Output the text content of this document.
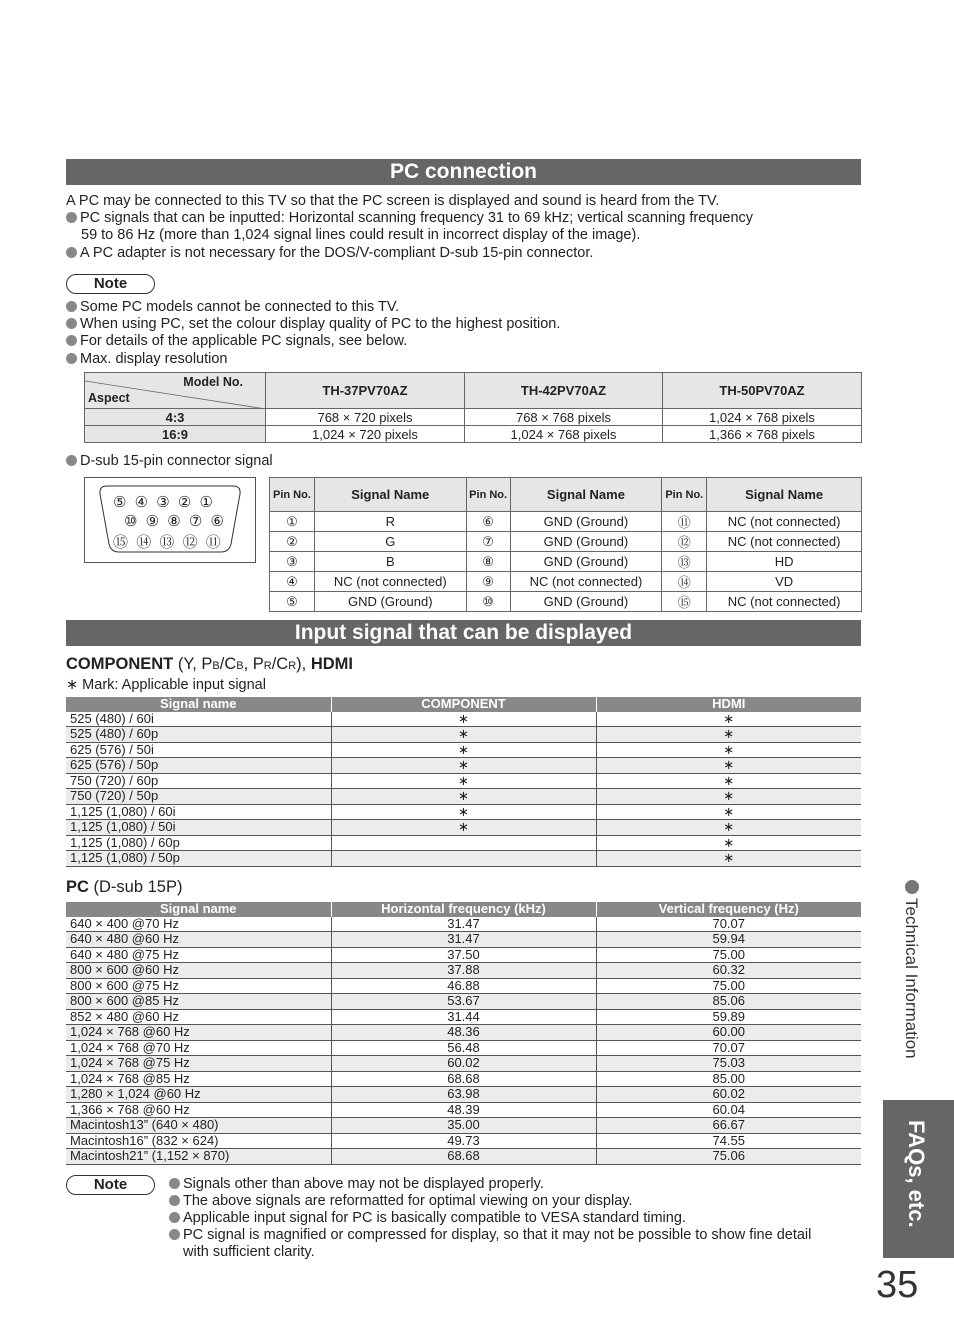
PC connection
A PC may be connected to this TV so that the PC screen is displayed and sound is heard from the TV.
PC signals that can be inputted: Horizontal scanning frequency 31 to 69 kHz; vertical scanning frequency
59 to 86 Hz (more than 1,024 signal lines could result in incorrect display of the image).
A PC adapter is not necessary for the DOS/V-compliant D-sub 15-pin connector.
Note
Some PC models cannot be connected to this TV.
When using PC, set the colour display quality of PC to the highest position.
For details of the applicable PC signals, see below.
Max. display resolution
Model No.
Aspect	TH-37PV70AZ	TH-42PV70AZ	TH-50PV70AZ
4:3	768 × 720 pixels	768 × 768 pixels	1,024 × 768 pixels
16:9	1,024 × 720 pixels	1,024 × 768 pixels	1,366 × 768 pixels
D-sub 15-pin connector signal
⑤ ④ ③ ② ①
⑩ ⑨ ⑧ ⑦ ⑥
⑮ ⑭ ⑬ ⑫ ⑪
Pin No.	Signal Name	Pin No.	Signal Name	Pin No.	Signal Name
①	R	⑥	GND (Ground)	⑪	NC (not connected)
②	G	⑦	GND (Ground)	⑫	NC (not connected)
③	B	⑧	GND (Ground)	⑬	HD
④	NC (not connected)	⑨	NC (not connected)	⑭	VD
⑤	GND (Ground)	⑩	GND (Ground)	⑮	NC (not connected)
Input signal that can be displayed
COMPONENT (Y, PB/CB, PR/CR), HDMI
∗ Mark: Applicable input signal
Signal name	COMPONENT	HDMI
525 (480) / 60i	∗	∗
525 (480) / 60p	∗	∗
625 (576) / 50i	∗	∗
625 (576) / 50p	∗	∗
750 (720) / 60p	∗	∗
750 (720) / 50p	∗	∗
1,125 (1,080) / 60i	∗	∗
1,125 (1,080) / 50i	∗	∗
1,125 (1,080) / 60p		∗
1,125 (1,080) / 50p		∗
PC (D-sub 15P)
Signal name	Horizontal frequency (kHz)	Vertical frequency (Hz)
640 × 400 @70 Hz	31.47	70.07
640 × 480 @60 Hz	31.47	59.94
640 × 480 @75 Hz	37.50	75.00
800 × 600 @60 Hz	37.88	60.32
800 × 600 @75 Hz	46.88	75.00
800 × 600 @85 Hz	53.67	85.06
852 × 480 @60 Hz	31.44	59.89
1,024 × 768 @60 Hz	48.36	60.00
1,024 × 768 @70 Hz	56.48	70.07
1,024 × 768 @75 Hz	60.02	75.03
1,024 × 768 @85 Hz	68.68	85.00
1,280 × 1,024 @60 Hz	63.98	60.02
1,366 × 768 @60 Hz	48.39	60.04
Macintosh13” (640 × 480)	35.00	66.67
Macintosh16” (832 × 624)	49.73	74.55
Macintosh21” (1,152 × 870)	68.68	75.06
Note	Signals other than above may not be displayed properly.
The above signals are reformatted for optimal viewing on your display.
Applicable input signal for PC is basically compatible to VESA standard timing.
PC signal is magnified or compressed for display, so that it may not be possible to show fine detail
with sufficient clarity.
Technical Information
FAQs, etc.
35
